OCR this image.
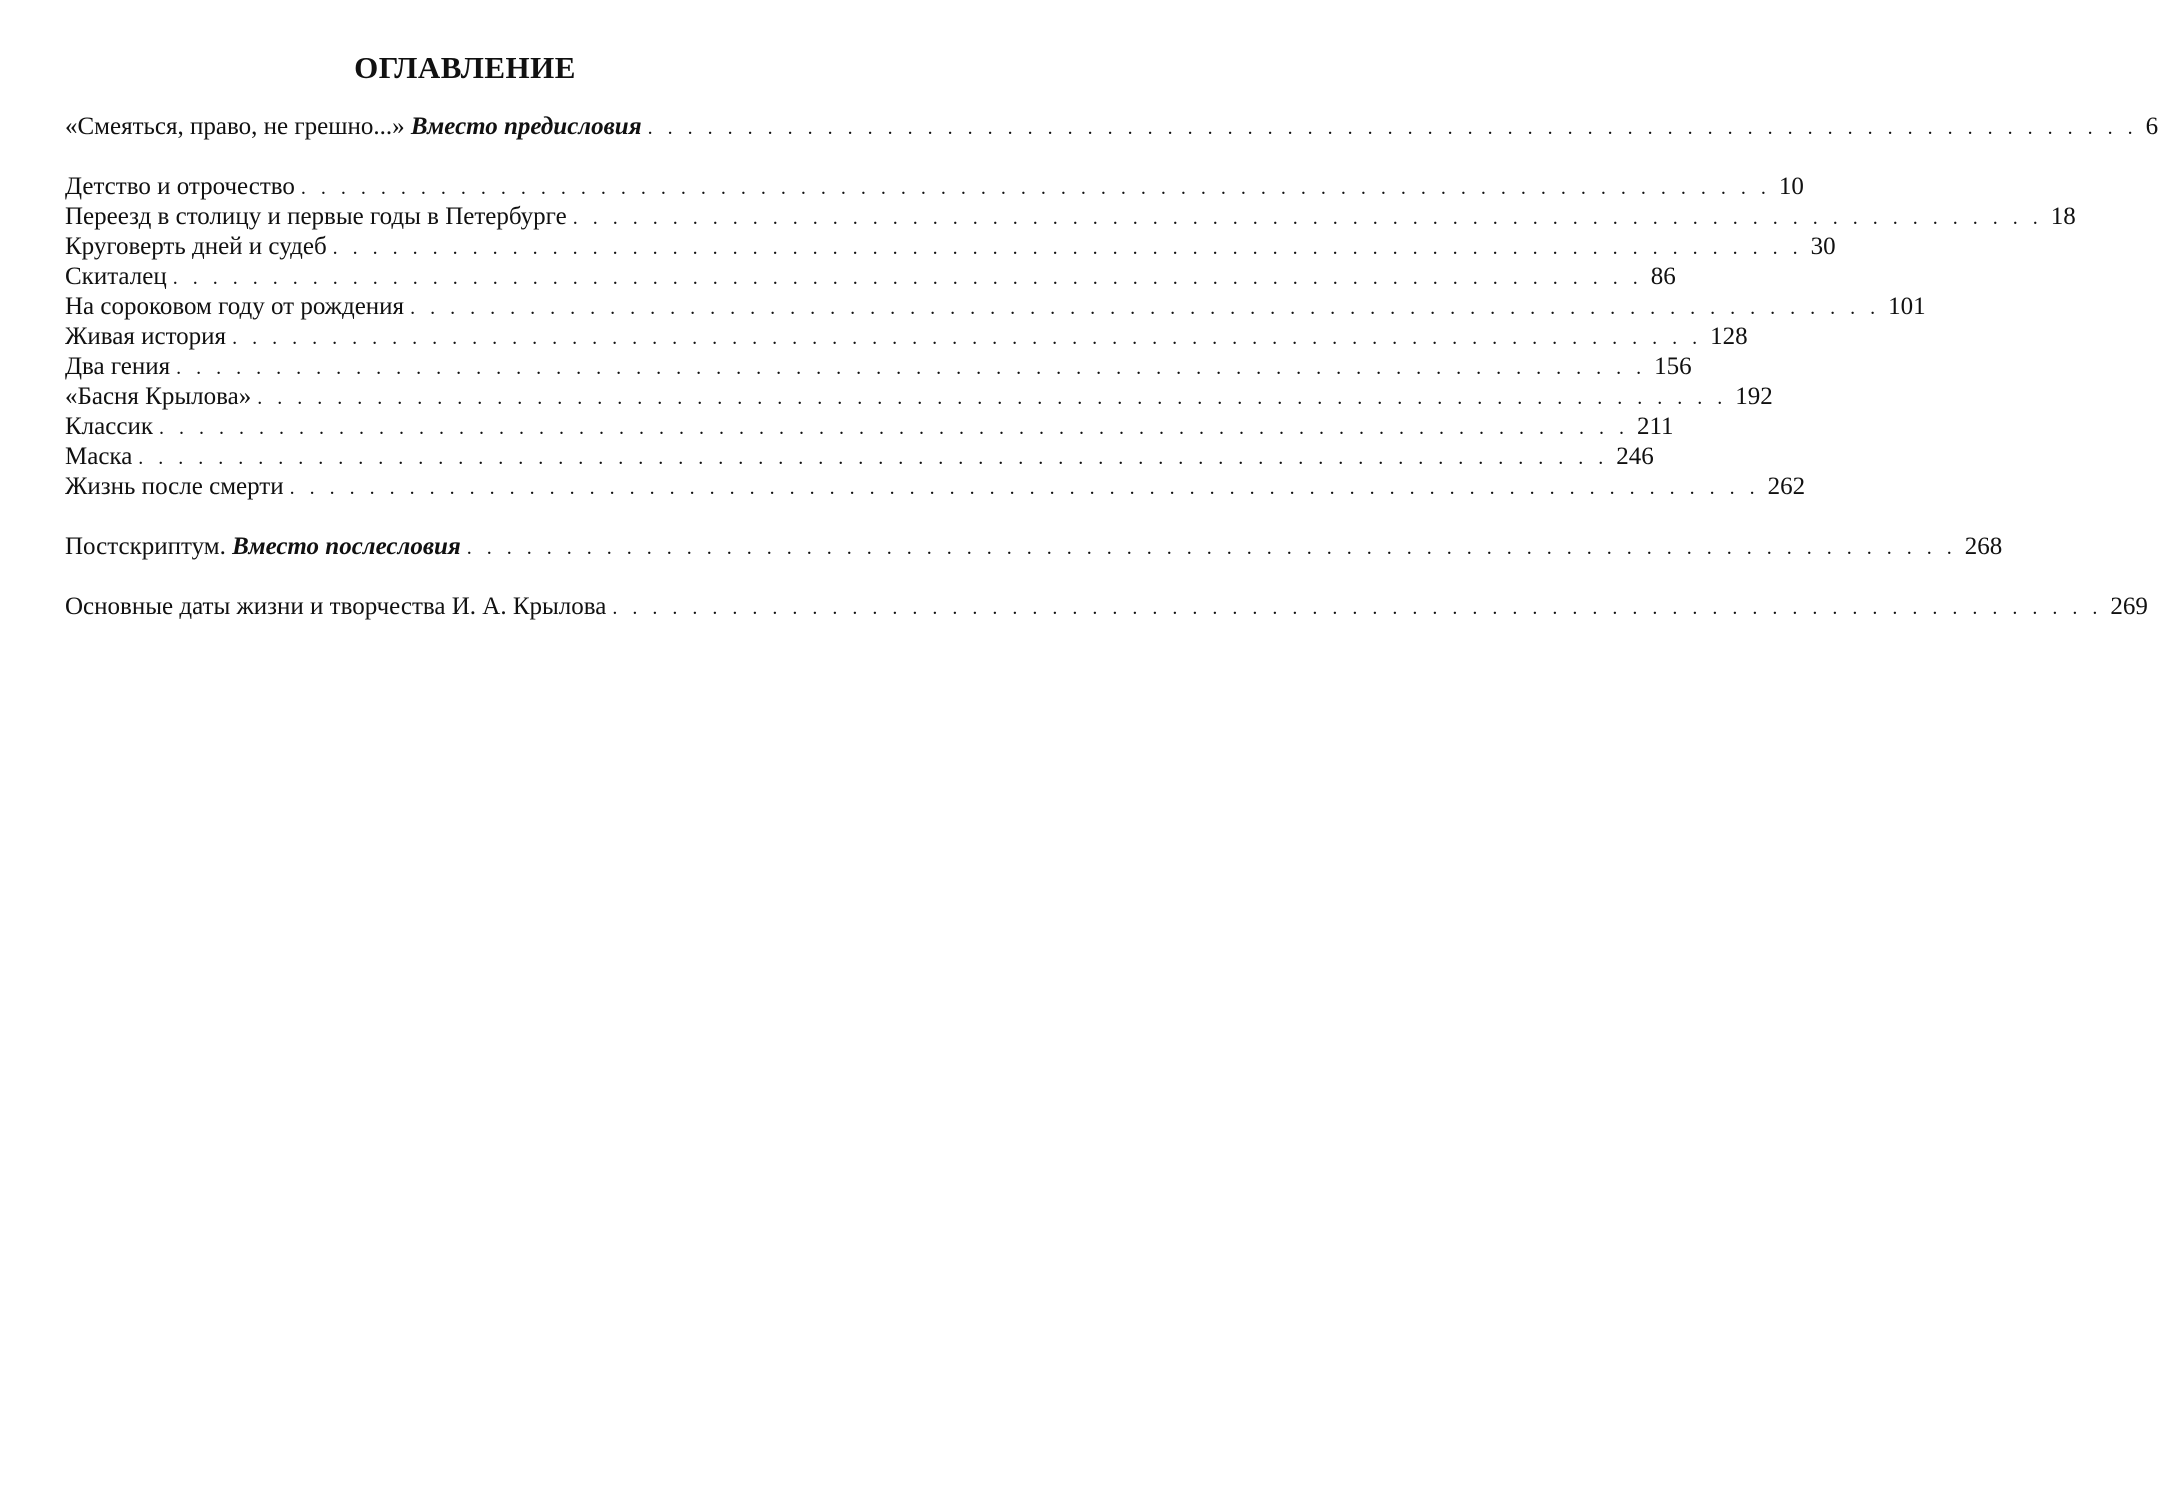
ОГЛАВЛЕНИЕ
«Смеяться, право, не грешно...» Вместо предисловия . . . . . . . . . . . . . . . . . . . . . . . . . . . . . . . . . . . . . . . . . . . . . . . . . . . . . . . . . . . . . . . . . . . . . . . . . . . 6
Детство и отрочество . . . . . . . . . . . . . . . . . . . . . . . . . . . . . . . . . . . . . . . . . . . . . . . . . . . . . . . . . . . . . . . . . . . . . . . . . . 10
Переезд в столицу и первые годы в Петербурге . . . . . . . . . . . . . . . . . . . . . . . . . . . . . . . . . . . . . . . . . . . . . . . . . . . . . . . . . . . . . . . . . . . . . . . . . . 18
Круговерть дней и судеб . . . . . . . . . . . . . . . . . . . . . . . . . . . . . . . . . . . . . . . . . . . . . . . . . . . . . . . . . . . . . . . . . . . . . . . . . . 30
Скиталец . . . . . . . . . . . . . . . . . . . . . . . . . . . . . . . . . . . . . . . . . . . . . . . . . . . . . . . . . . . . . . . . . . . . . . . . . . 86
На сороковом году от рождения . . . . . . . . . . . . . . . . . . . . . . . . . . . . . . . . . . . . . . . . . . . . . . . . . . . . . . . . . . . . . . . . . . . . . . . . . . 101
Живая история . . . . . . . . . . . . . . . . . . . . . . . . . . . . . . . . . . . . . . . . . . . . . . . . . . . . . . . . . . . . . . . . . . . . . . . . . . 128
Два гения . . . . . . . . . . . . . . . . . . . . . . . . . . . . . . . . . . . . . . . . . . . . . . . . . . . . . . . . . . . . . . . . . . . . . . . . . . 156
«Басня Крылова» . . . . . . . . . . . . . . . . . . . . . . . . . . . . . . . . . . . . . . . . . . . . . . . . . . . . . . . . . . . . . . . . . . . . . . . . . . 192
Классик . . . . . . . . . . . . . . . . . . . . . . . . . . . . . . . . . . . . . . . . . . . . . . . . . . . . . . . . . . . . . . . . . . . . . . . . . . 211
Маска . . . . . . . . . . . . . . . . . . . . . . . . . . . . . . . . . . . . . . . . . . . . . . . . . . . . . . . . . . . . . . . . . . . . . . . . . . 246
Жизнь после смерти . . . . . . . . . . . . . . . . . . . . . . . . . . . . . . . . . . . . . . . . . . . . . . . . . . . . . . . . . . . . . . . . . . . . . . . . . . 262
Постскриптум. Вместо послесловия . . . . . . . . . . . . . . . . . . . . . . . . . . . . . . . . . . . . . . . . . . . . . . . . . . . . . . . . . . . . . . . . . . . . . . . . . . . 268
Основные даты жизни и творчества И. А. Крылова . . . . . . . . . . . . . . . . . . . . . . . . . . . . . . . . . . . . . . . . . . . . . . . . . . . . . . . . . . . . . . . . . . . . . . . . . . . 269
